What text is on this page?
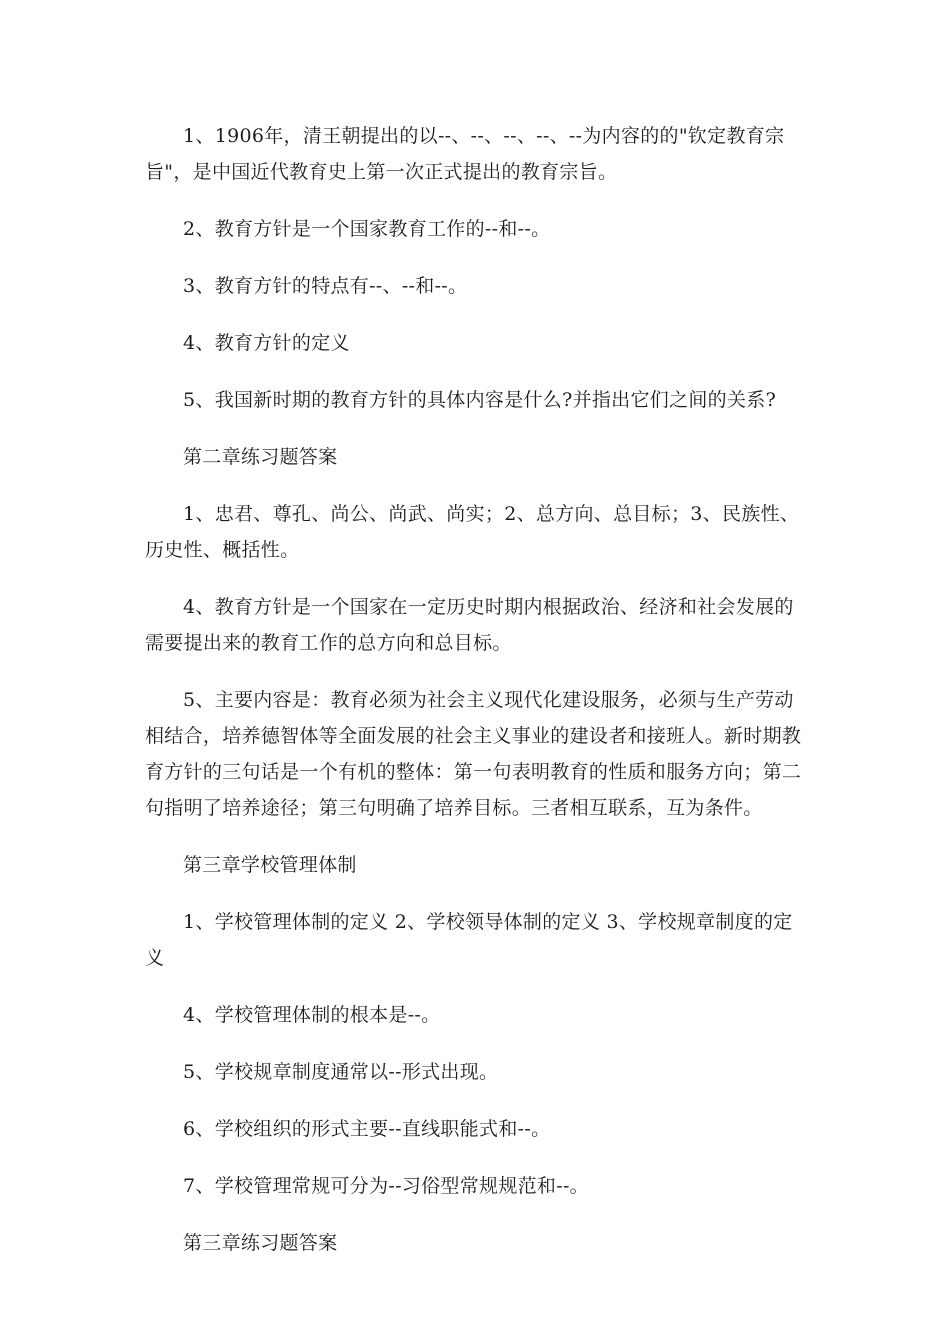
1、1906年，清王朝提出的以--、--、--、--、--为内容的的"钦定教育宗旨"，是中国近代教育史上第一次正式提出的教育宗旨。

2、教育方针是一个国家教育工作的--和--。

3、教育方针的特点有--、--和--。

4、教育方针的定义

5、我国新时期的教育方针的具体内容是什么?并指出它们之间的关系?

第二章练习题答案

1、忠君、尊孔、尚公、尚武、尚实；2、总方向、总目标；3、民族性、历史性、概括性。

4、教育方针是一个国家在一定历史时期内根据政治、经济和社会发展的需要提出来的教育工作的总方向和总目标。

5、主要内容是：教育必须为社会主义现代化建设服务，必须与生产劳动相结合，培养德智体等全面发展的社会主义事业的建设者和接班人。新时期教育方针的三句话是一个有机的整体：第一句表明教育的性质和服务方向；第二句指明了培养途径；第三句明确了培养目标。三者相互联系，互为条件。

第三章学校管理体制

1、学校管理体制的定义 2、学校领导体制的定义 3、学校规章制度的定义

4、学校管理体制的根本是--。

5、学校规章制度通常以--形式出现。

6、学校组织的形式主要--直线职能式和--。

7、学校管理常规可分为--习俗型常规规范和--。

第三章练习题答案
